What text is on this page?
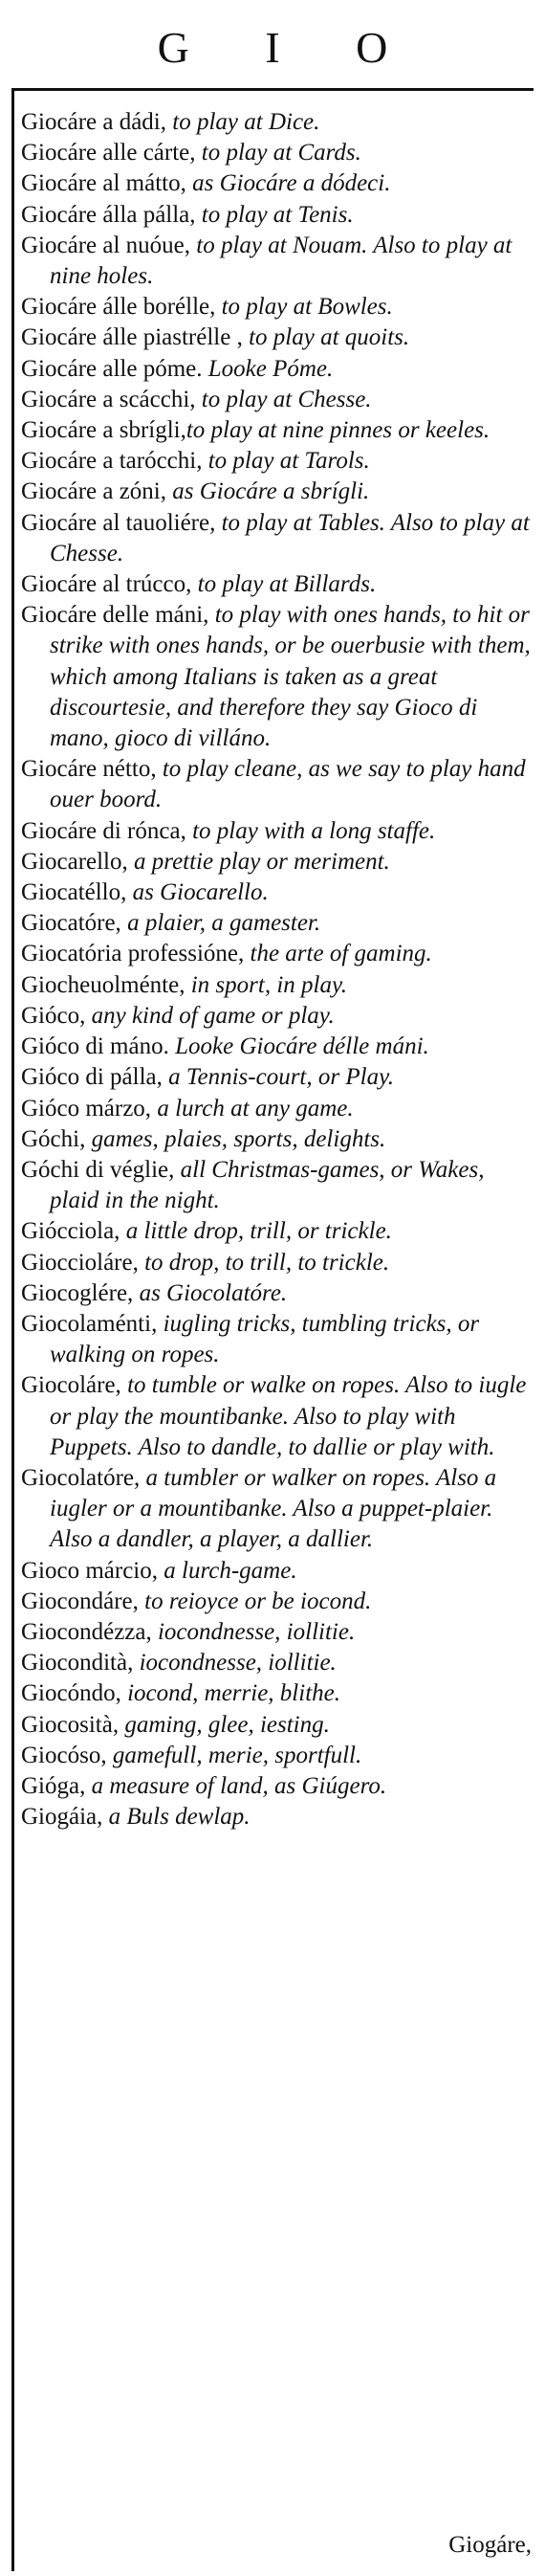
G I O

Giocáre a dádi, to play at Dice.

Giocáre alle cárte, to play at Cards.

Giocáre al mátto, as Giocáre a dódeci.

Giocáre álla pálla, to play at Tenis.

Giocáre al nuóue, to play at Nouam. Also to play at nine holes.

Giocáre álle borélle, to play at Bowles.

Giocáre álle piastrélle , to play at quoits.

Giocáre alle póme. Looke Póme.

Giocáre a scácchi, to play at Chesse.

Giocáre a sbrígli,to play at nine pinnes or keeles.

Giocáre a tarócchi, to play at Tarols.

Giocáre a zóni, as Giocáre a sbrígli.

Giocáre al tauoliére, to play at Tables. Also to play at Chesse.

Giocáre al trúcco, to play at Billards.

Giocáre delle máni, to play with ones hands, to hit or strike with ones hands, or be ouerbusie with them, which among Italians is taken as a great discourtesie, and therefore they say Gioco di mano, gioco di villáno.

Giocáre nétto, to play cleane, as we say to play hand ouer boord.

Giocáre di rónca, to play with a long staffe.

Giocarello, a prettie play or meriment.

Giocatéllo, as Giocarello.

Giocatóre, a plaier, a gamester.

Giocatória professióne, the arte of gaming.

Giocheuolménte, in sport, in play.

Gióco, any kind of game or play.

Gióco di máno. Looke Giocáre délle máni.

Gióco di pálla, a Tennis-court, or Play.

Gióco márzo, a lurch at any game.

Góchi, games, plaies, sports, delights.

Góchi di véglie, all Christmas-games, or Wakes, plaid in the night.

Giócciola, a little drop, trill, or trickle.

Gioccioláre, to drop, to trill, to trickle.

Giocoglére, as Giocolatóre.

Giocolaménti, iugling tricks, tumbling tricks, or walking on ropes.

Giocoláre, to tumble or walke on ropes. Also to iugle or play the mountibanke. Also to play with Puppets. Also to dandle, to dallie or play with.

Giocolatóre, a tumbler or walker on ropes. Also a iugler or a mountibanke. Also a puppet-plaier. Also a dandler, a player, a dallier.

Gioco márcio, a lurch-game.

Giocondáre, to reioyce or be iocond.

Giocondézza, iocondnesse, iollitie.

Giocondità, iocondnesse, iollitie.

Giocóndo, iocond, merrie, blithe.

Giocosità, gaming, glee, iesting.

Giocóso, gamefull, merie, sportfull.

Gióga, a measure of land, as Giúgero.

Giogáia, a Buls dewlap.

Giogáre,
